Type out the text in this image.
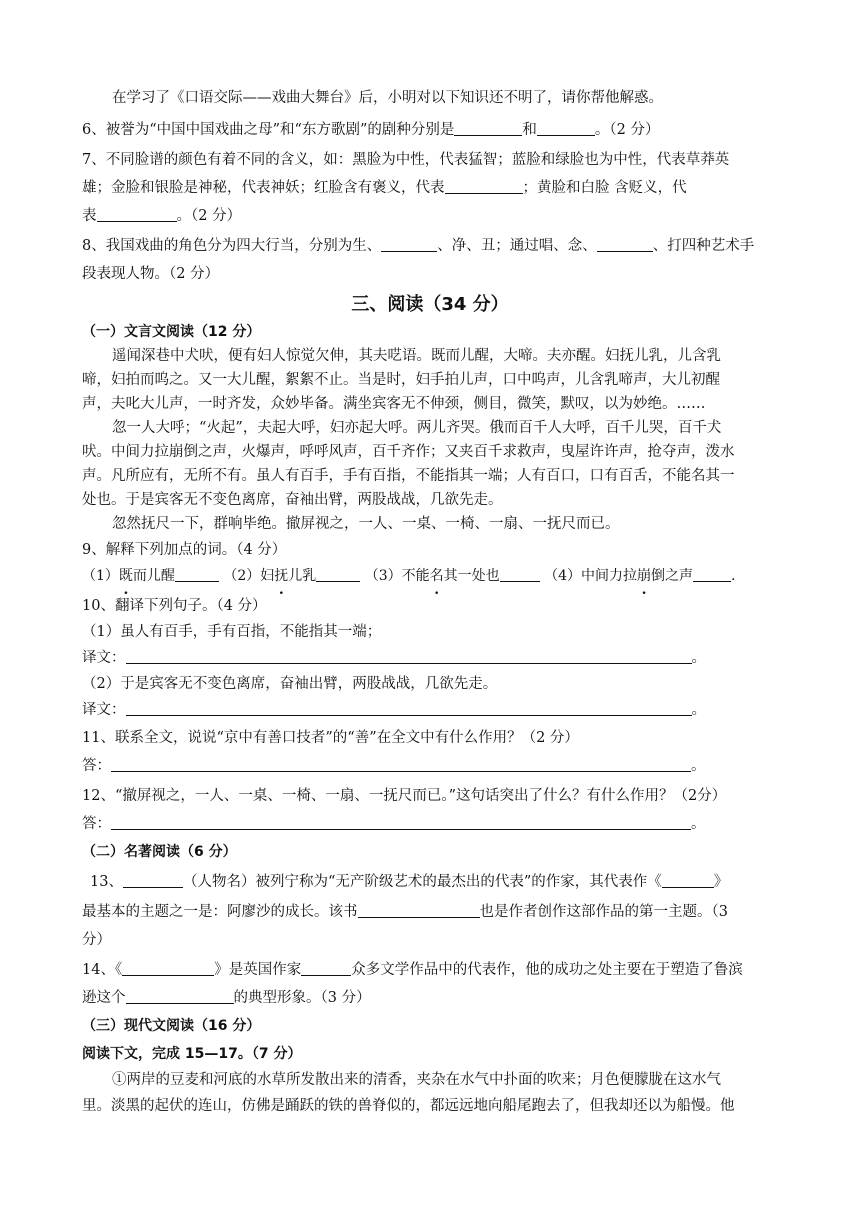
在学习了《口语交际——戏曲大舞台》后，小明对以下知识还不明了，请你帮他解惑。
6、被誉为“中国中国戏曲之母”和“东方歌剧”的剧种分别是	和	。（2 分）
7、不同脸谱的颜色有着不同的含义，如：黑脸为中性，代表猛智；蓝脸和绿脸也为中性，代表草莽英
雄；金脸和银脸是神秘，代表神妖；红脸含有褒义，代表	；黄脸和白脸 含贬义，代
表	。（2 分）
8、我国戏曲的角色分为四大行当，分别为生、	、净、丑；通过唱、念、	、打四种艺术手
段表现人物。（2 分）
三、阅读（34 分）
（一）文言文阅读（12 分）
遥闻深巷中犬吠，便有妇人惊觉欠伸，其夫呓语。既而儿醒，大啼。夫亦醒。妇抚儿乳，儿含乳
啼，妇拍而呜之。又一大儿醒，絮絮不止。当是时，妇手拍儿声，口中呜声，儿含乳啼声，大儿初醒
声，夫叱大儿声，一时齐发，众妙毕备。满坐宾客无不伸颈，侧目，微笑，默叹，以为妙绝。……
忽一人大呼；“火起”，夫起大呼，妇亦起大呼。两儿齐哭。俄而百千人大呼，百千儿哭，百千犬
吠。中间力拉崩倒之声，火爆声，呼呼风声，百千齐作；又夹百千求救声，曳屋许许声，抢夺声，泼水
声。凡所应有，无所不有。虽人有百手，手有百指，不能指其一端；人有百口，口有百舌，不能名其一
处也。于是宾客无不变色离席，奋袖出臂，两股战战，几欲先走。
忽然抚尺一下，群响毕绝。撤屏视之，一人、一桌、一椅、一扇、一抚尺而已。
9、解释下列加点的词。（4 分）
（1）既而儿醒	（2）妇抚儿乳	（3）不能名其一处也	（4）中间力拉崩倒之声	.
10、翻译下列句子。（4 分）
（1）虽人有百手，手有百指，不能指其一端；
译文：	。
（2）于是宾客无不变色离席，奋袖出臂，两股战战，几欲先走。
译文：	。
11、联系全文，说说“京中有善口技者”的“善”在全文中有什么作用？（2 分）
答：	。
12、“撤屏视之，一人、一桌、一椅、一扇、一抚尺而已。”这句话突出了什么？有什么作用？（2分）
答：	。
（二）名著阅读（6 分）
13、	（人物名）被列宁称为“无产阶级艺术的最杰出的代表”的作家，其代表作《	》
最基本的主题之一是：阿廖沙的成长。该书	也是作者创作这部作品的第一主题。（3
分）
14、《	》是英国作家	众多文学作品中的代表作，他的成功之处主要在于塑造了鲁滨
逊这个	的典型形象。（3 分）
（三）现代文阅读（16 分）
阅读下文，完成 15—17。（7 分）
①两岸的豆麦和河底的水草所发散出来的清香，夹杂在水气中扑面的吹来；月色便朦胧在这水气
里。淡黑的起伏的连山，仿佛是踊跃的铁的兽脊似的，都远远地向船尾跑去了，但我却还以为船慢。他
